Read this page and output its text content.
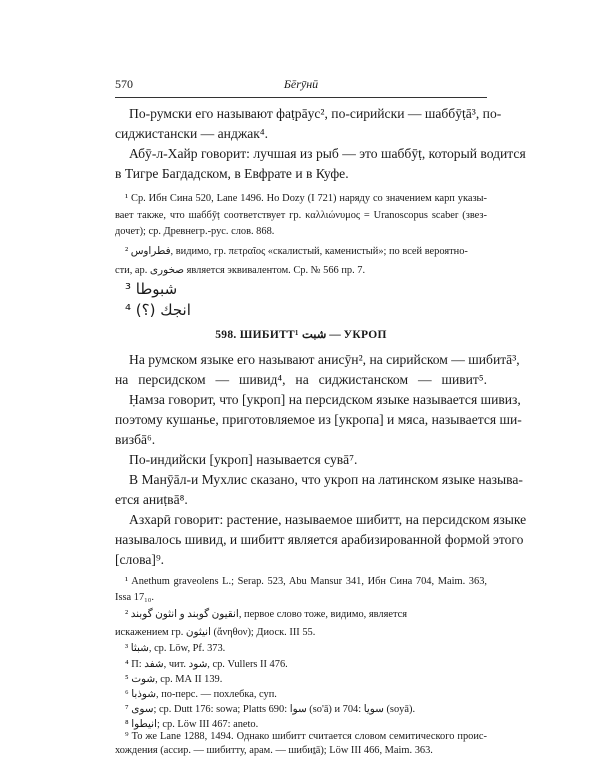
570	Бērӯнӣ
По-румски его называют фаṭрāус², по-сирийски — шаббӯṭā³, по-
сиджистански — анджак⁴.
Абӯ-л-Хайр говорит: лучшая из рыб — это шаббӯṭ, который водится
в Тигре Багдадском, в Евфрате и в Куфе.
¹ Ср. Ибн Сина 520, Lane 1496. Ho Dozy (I 721) наряду со значением карп указы-
вает также, что шаббӯṭ соответствует гр. καλλιώνυμος = Uranoscopus scaber (звез-
дочет); ср. Древнегр.-рус. слов. 868.
² فطراوس, видимо, гр. πετραῖος «скалистый, каменистый»; по всей вероятно-
сти, ар. صخوری является эквивалентом. Ср. № 566 пр. 7.
³ شبوطا
⁴ انجك (؟)
598. ШИБИТТ¹ شبت — УКРОП
На румском языке его называют анисӯн², на сирийском — шибитā³,
на персидском — шивид⁴, на сиджистанском — шивит⁵.
Ḥамза говорит, что [укроп] на персидском языке называется шивиз,
поэтому кушанье, приготовляемое из [укропа] и мяса, называется ши-
визбā⁶.
По-индийски [укроп] называется сувā⁷.
В Манӯāл-и Мухлис сказано, что укроп на латинском языке называ-
ется аниṭвā⁸.
Азхарӣ говорит: растение, называемое шибитт, на персидском языке
называлось шивид, и шибитт является арабизированной формой этого
[слова]⁹.
¹ Anethum graveolens L.; Serap. 523, Abu Mansur 341, Ибн Сина 704, Maim. 363,
Issa 17₁₀.
² انقیون گوبند و انثون گوبند, первое слово тоже, видимо, является
искажением гр. انیثون (ἄνηθον); Диоск. III 55.
³ شبثا, ср. Löw, Pf. 373.
⁴ П: شفد, чит. شود, ср. Vullers II 476.
⁵ شوت, ср. МА II 139.
⁶ شوذبا, по-перс. — похлебка, суп.
⁷ سوی; ср. Dutt 176: sowa; Platts 690: سوا (so'ā) и 704: سویا (soyā).
⁸ انیطوا; ср. Löw III 467: aneto.
⁹ То же Lane 1288, 1494. Однако шибитт считается словом семитического проис-
хождения (ассир. — шибитту, арам. — шибиṯā); Löw III 466, Maim. 363.
